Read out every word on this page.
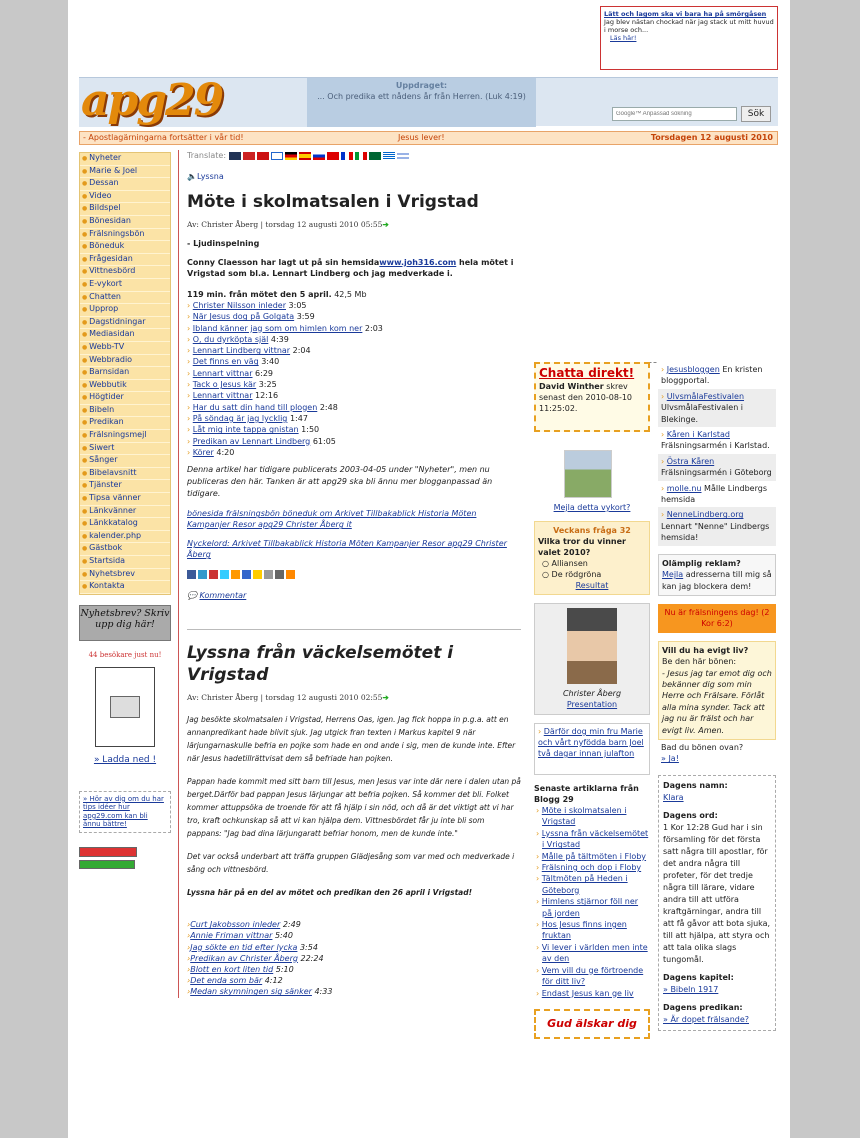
Lätt och lagom ska vi bara ha på smörgåsen
Jag blev nästan chockad när jag stack ut mitt huvud i morse och...
Läs här!
apg29	Uppdraget:
... Och predika ett nådens år från Herren. (Luk 4:19)
Google™ Anpassad sökning
Sök
- Apostlagärningarna fortsätter i vår tid!	Jesus lever!	Torsdagen 12 augusti 2010
● Nyheter
● Marie & Joel
● Dessan
● Video
● Bildspel
● Bönesidan
● Frälsningsbön
● Böneduk
● Frågesidan
● Vittnesbörd
● E-vykort
● Chatten
● Upprop
● Dagstidningar
● Mediasidan
● Webb-TV
● Webbradio
● Barnsidan
● Webbutik
● Högtider
● Bibeln
● Predikan
● Frälsningsmejl
● Siwert
● Sånger
● Bibelavsnitt
● Tjänster
● Tipsa vänner
● Länkvänner
● Länkkatalog
● kalender.php
● Gästbok
● Startsida
● Nyhetsbrev
● Kontakta
Nyhetsbrev? Skriv upp dig här!
44 besökare just nu!
» Ladda ned !
» Hör av dig om du har tips idéer hur apg29.com kan bli ännu bättre!
Translate:
🔈Lyssna
Möte i skolmatsalen i Vrigstad
Av: Christer Åberg | torsdag 12 augusti 2010 05:55➔
- Ljudinspelning
Conny Claesson har lagt ut på sin hemsidawww.joh316.com hela mötet i Vrigstad som bl.a. Lennart Lindberg och jag medverkade i.
119 min. från mötet den 5 april. 42,5 Mb
› Christer Nilsson inleder 3:05
› När Jesus dog på Golgata 3:59
› Ibland känner jag som om himlen kom ner 2:03
› O, du dyrköpta själ 4:39
› Lennart Lindberg vittnar 2:04
› Det finns en väg 3:40
› Lennart vittnar 6:29
› Tack o Jesus kär 3:25
› Lennart vittnar 12:16
› Har du satt din hand till plogen 2:48
› På söndag är jag lycklig 1:47
› Låt mig inte tappa gnistan 1:50
› Predikan av Lennart Lindberg 61:05
› Körer 4:20
Denna artikel har tidigare publicerats 2003-04-05 under "Nyheter", men nu publiceras den här. Tanken är att apg29 ska bli ännu mer blogganpassad än tidigare.
bönesida frälsningsbön böneduk om Arkivet Tillbakablick Historia Möten Kampanjer Resor apg29 Christer Åberg it
Nyckelord: Arkivet Tillbakablick Historia Möten Kampanjer Resor apg29 Christer Åberg
💬 Kommentar
Lyssna från väckelsemötet i Vrigstad
Av: Christer Åberg | torsdag 12 augusti 2010 02:55➔

Jag besökte skolmatsalen i Vrigstad, Herrens Oas, igen. Jag fick hoppa in p.g.a. att en annanpredikant hade blivit sjuk. Jag utgick fran texten i Markus kapitel 9 när lärjungarnaskulle befria en pojke som hade en ond ande i sig, men de kunde inte. Efter när Jesus hadetillrättvisat dem så befriade han pojken.

Pappan hade kommit med sitt barn till Jesus, men Jesus var inte där nere i dalen utan på berget.Därför bad pappan Jesus lärjungar att befria pojken. Så kommer det bli. Folket kommer attuppsöka de troende för att få hjälp i sin nöd, och då är det viktigt att vi har tro, kraft ochkunskap så att vi kan hjälpa dem. Vittnesbördet får ju inte bli som pappans: "Jag bad dina lärjungaratt befriar honom, men de kunde inte."

Det var också underbart att träffa gruppen Glädjesång som var med och medverkade i sång och vittnesbörd.

Lyssna här på en del av mötet och predikan den 26 april i Vrigstad!

› Curt Jakobsson inleder 2:49
› Annie Friman vittnar 5:40
› Jag sökte en tid efter lycka 3:54
› Predikan av Christer Åberg 22:24
› Blott en kort liten tid 5:10
› Det enda som bär 4:12
› Medan skymningen sig sänker 4:33
Chatta direkt!
David Winther skrev senast den 2010-08-10 11:25:02.
Mejla detta vykort?
Veckans fråga 32
Vilka tror du vinner valet 2010?
○ Alliansen
○ De rödgröna
Resultat
Christer Åberg
Presentation
› Därför dog min fru Marie och vårt nyfödda barn Joel två dagar innan julafton
Senaste artiklarna från Blogg 29
› Möte i skolmatsalen i Vrigstad
› Lyssna från väckelsemötet i Vrigstad
› Målle på tältmöten i Floby
› Frälsning och dop i Floby
› Tältmöten på Heden i Göteborg
› Himlens stjärnor föll ner på jorden
› Hos Jesus finns ingen fruktan
› Vi lever i världen men inte av den
› Vem vill du ge förtroende för ditt liv?
› Endast Jesus kan ge liv
Gud älskar dig
› Jesusbloggen En kristen bloggportal.
› UlvsmålaFestivalen UlvsmålaFestivalen i Blekinge.
› Kåren i Karlstad Frälsningsarmén i Karlstad.
› Östra Kåren Frälsningsarmén i Göteborg
› molle.nu Målle Lindbergs hemsida
› NenneLindberg.org Lennart "Nenne" Lindbergs hemsida!
Olämplig reklam?
Mejla adresserna till mig så kan jag blockera dem!
Nu är frälsningens dag! (2 Kor 6:2)
Vill du ha evigt liv?
Be den här bönen:
- Jesus jag tar emot dig och bekänner dig som min Herre och Frälsare. Förlåt alla mina synder. Tack att jag nu är frälst och har evigt liv. Amen.
Bad du bönen ovan?
» Ja!
Dagens namn:
Klara
Dagens ord:
1 Kor 12:28 Gud har i sin församling för det första satt några till apostlar, för det andra några till profeter, för det tredje några till lärare, vidare andra till att utföra kraftgärningar, andra till att få gåvor att bota sjuka, till att hjälpa, att styra och att tala olika slags tungomål.
Dagens kapitel:
» Bibeln 1917
Dagens predikan:
» Är dopet frälsande?
